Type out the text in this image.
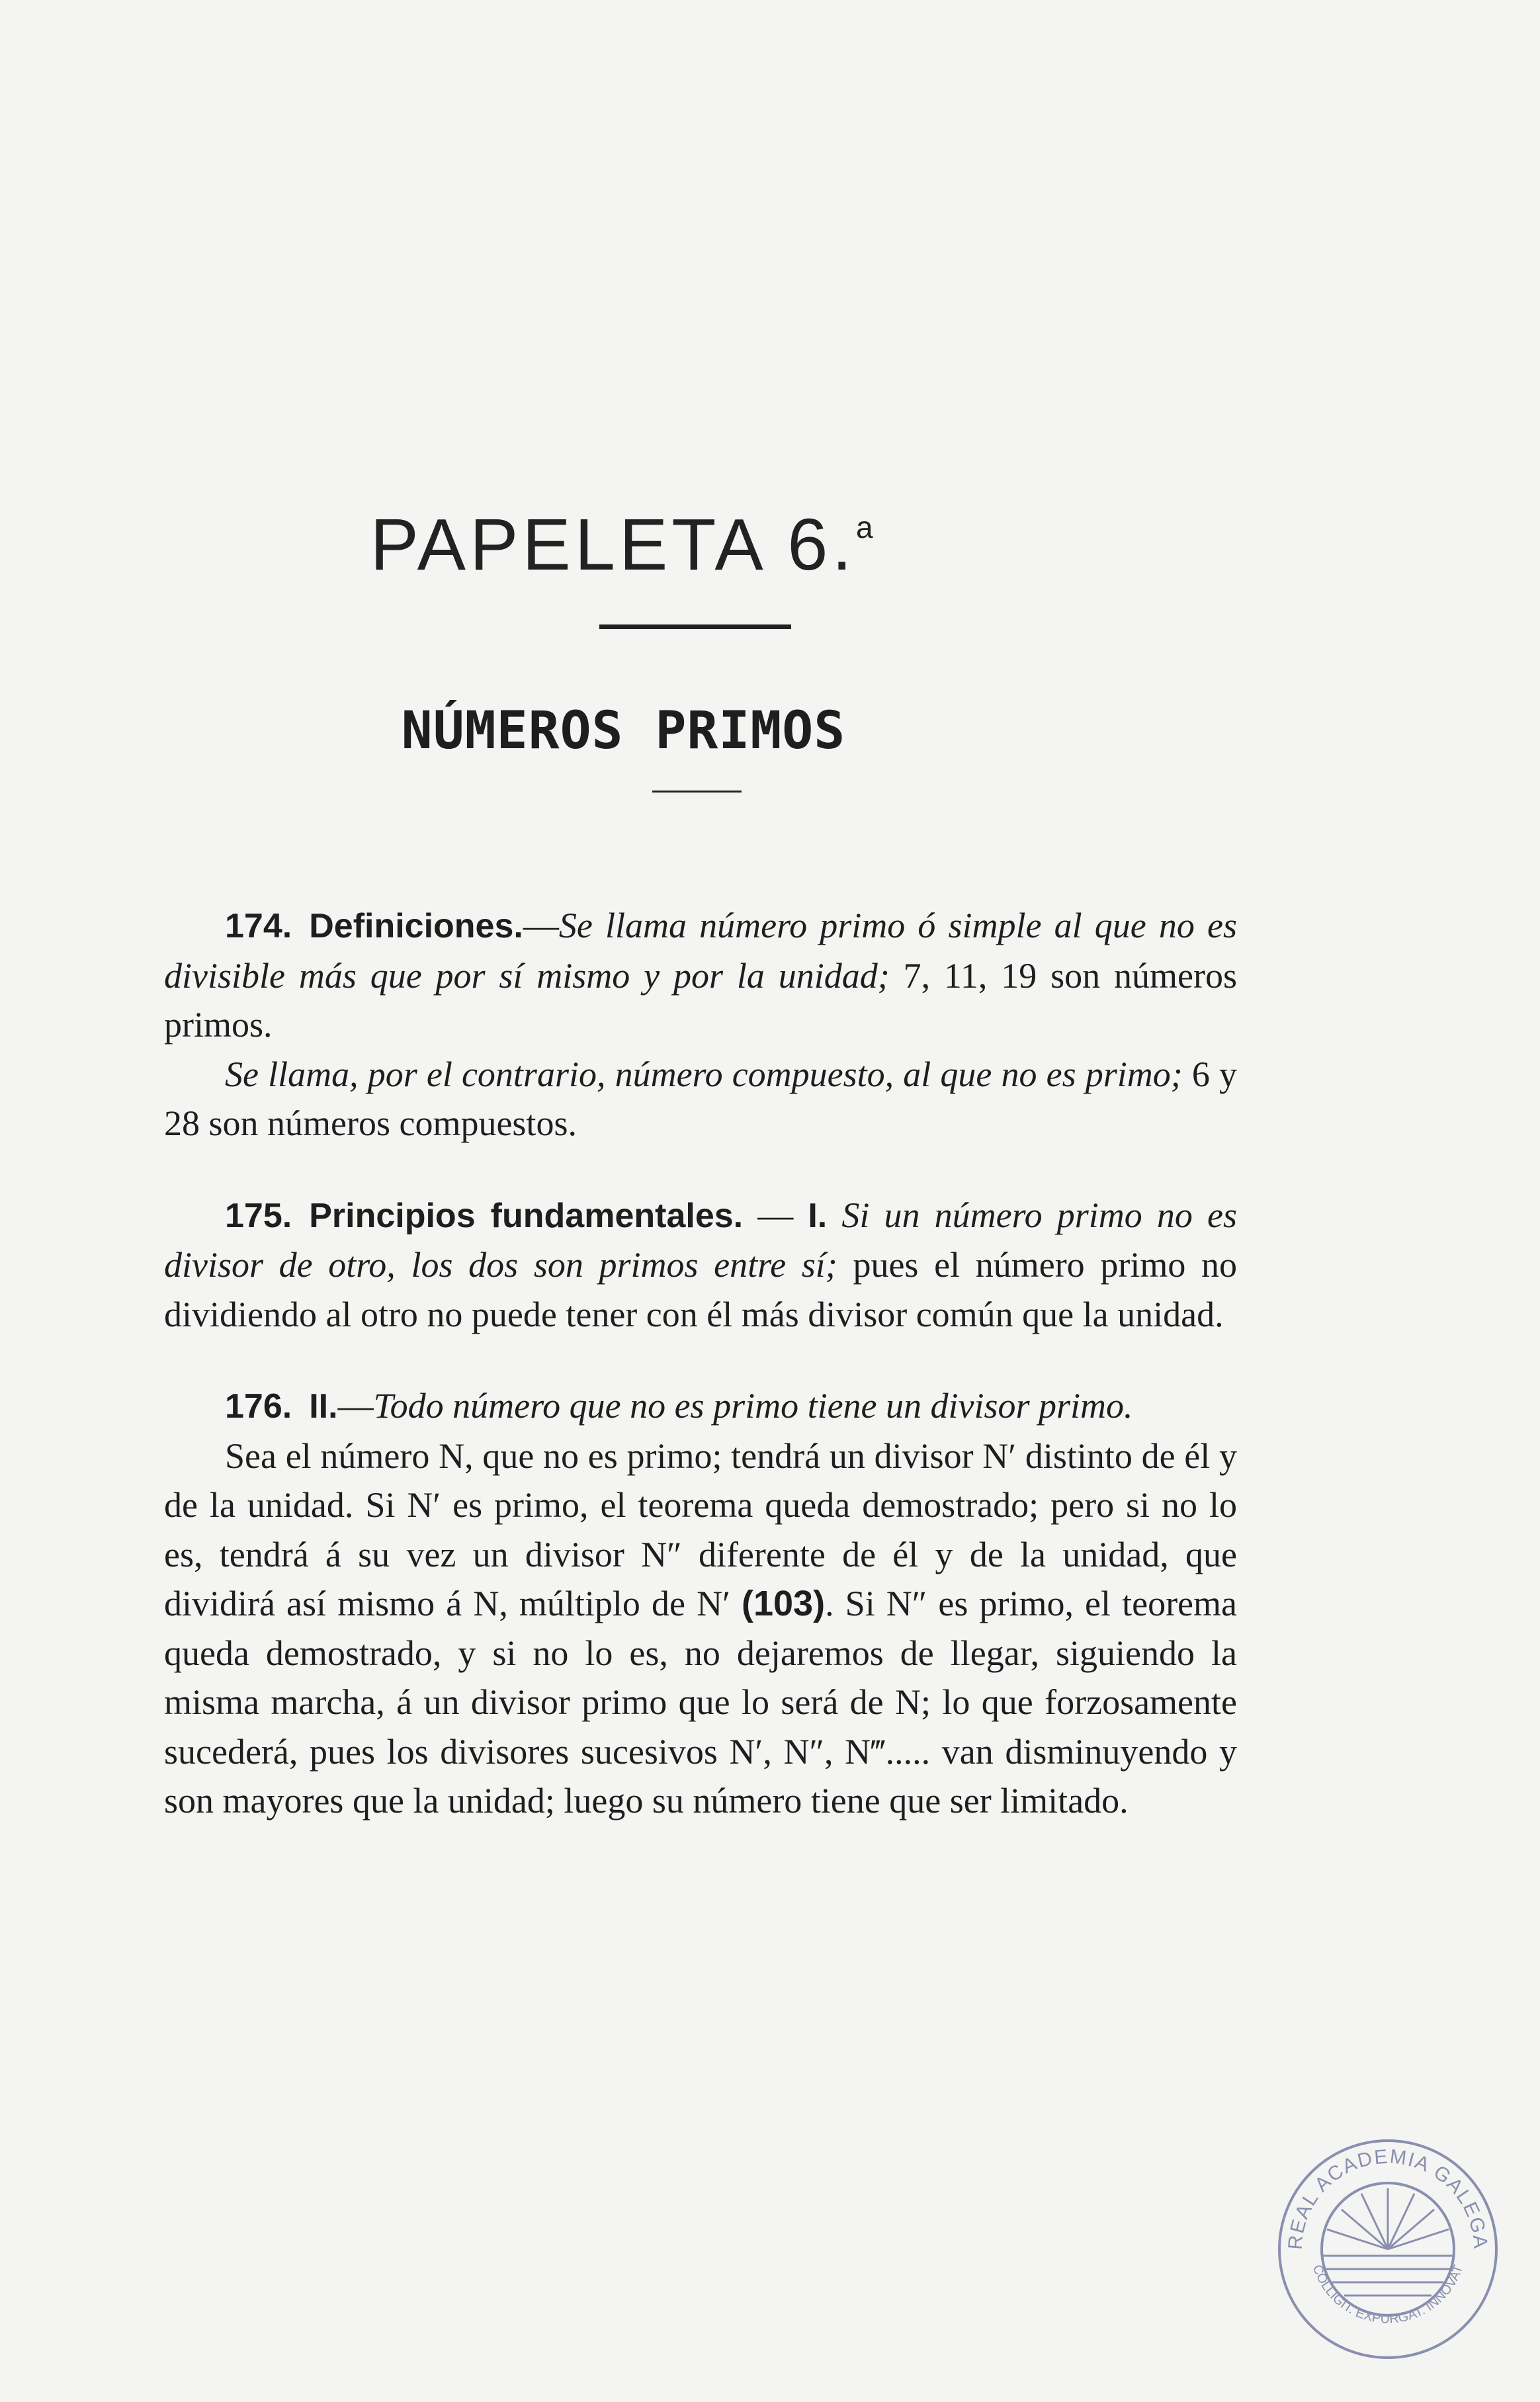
PAPELETA 6.$^a$
NÚMEROS PRIMOS

174. Definiciones.—Se llama número primo ó simple al que no es divisible más que por sí mismo y por la unidad; 7, 11, 19 son números primos.

Se llama, por el contrario, número compuesto, al que no es primo; 6 y 28 son números compuestos.

175. Principios fundamentales. — I. Si un número primo no es divisor de otro, los dos son primos entre sí; pues el número primo no dividiendo al otro no puede tener con él más divisor común que la unidad.

176. II.—Todo número que no es primo tiene un divisor primo.

Sea el número N, que no es primo; tendrá un divisor N′ distinto de él y de la unidad. Si N′ es primo, el teorema queda demostrado; pero si no lo es, tendrá á su vez un divisor N″ diferente de él y de la unidad, que dividirá así mismo á N, múltiplo de N′ (103). Si N″ es primo, el teorema queda demostrado, y si no lo es, no dejaremos de llegar, siguiendo la misma marcha, á un divisor primo que lo será de N; lo que forzosamente sucederá, pues los divisores sucesivos N′, N″, N‴..... van disminuyendo y son mayores que la unidad; luego su número tiene que ser limitado.

REAL ACADEMIA GALEGA
COLLIGIT. EXPURGAT. INNOVAT
